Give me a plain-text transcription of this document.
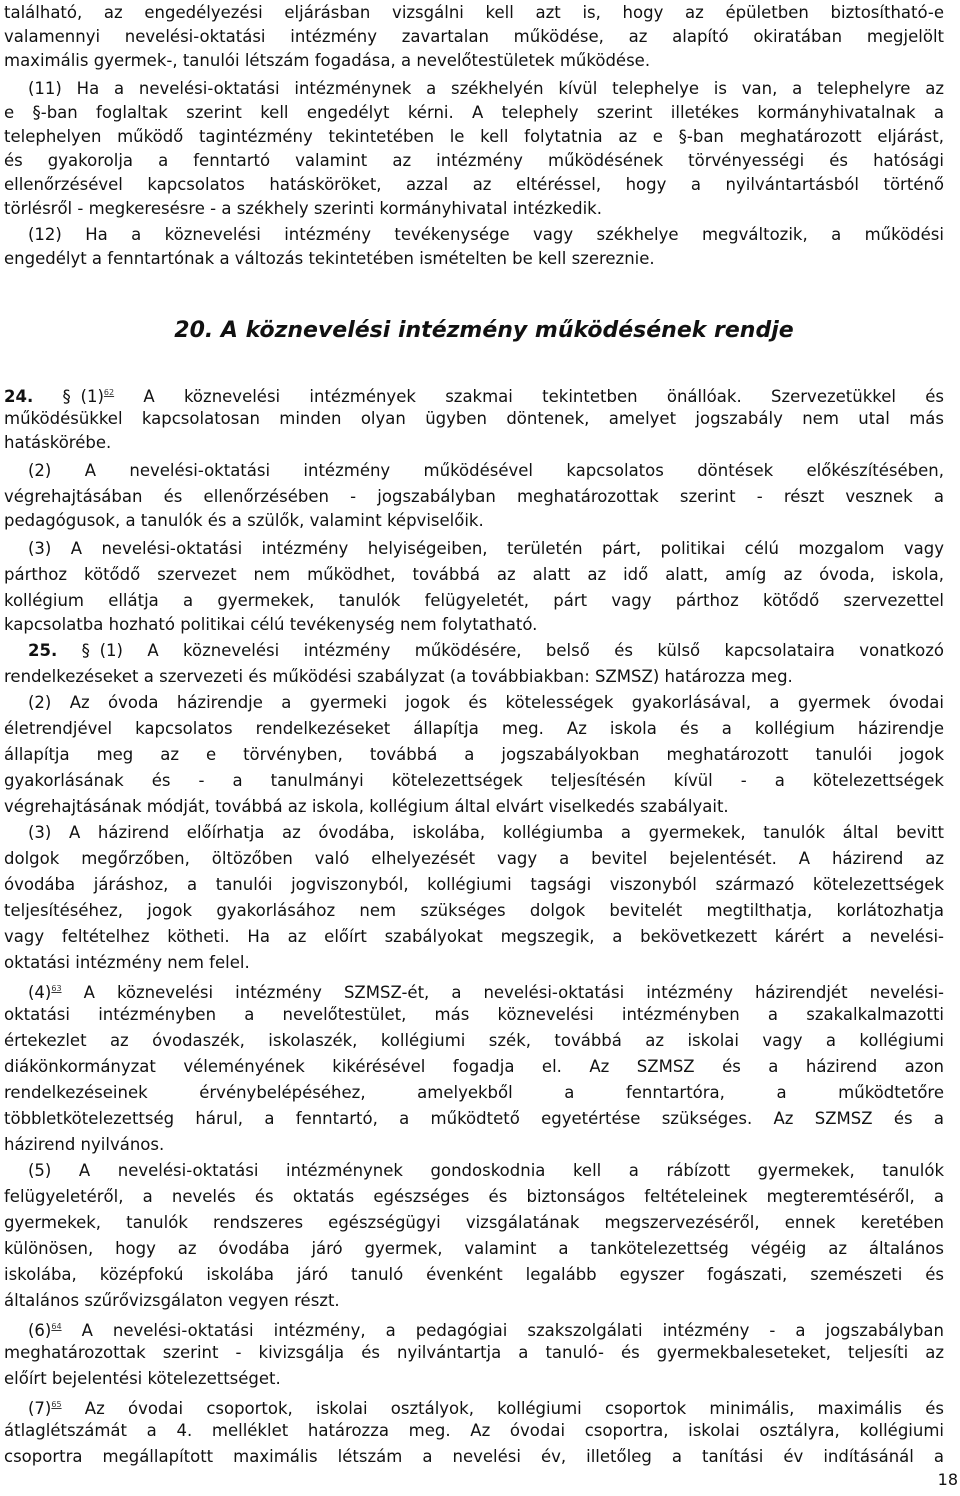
található, az engedélyezési eljárásban vizsgálni kell azt is, hogy az épületben biztosítható-e
valamennyi nevelési-oktatási intézmény zavartalan működése, az alapító okiratában megjelölt
maximális gyermek-, tanulói létszám fogadása, a nevelőtestületek működése.
(11) Ha a nevelési-oktatási intézménynek a székhelyén kívül telephelye is van, a telephelyre az
e §-ban foglaltak szerint kell engedélyt kérni. A telephely szerint illetékes kormányhivatalnak a
telephelyen működő tagintézmény tekintetében le kell folytatnia az e §-ban meghatározott eljárást,
és gyakorolja a fenntartó valamint az intézmény működésének törvényességi és hatósági
ellenőrzésével kapcsolatos hatásköröket, azzal az eltéréssel, hogy a nyilvántartásból történő
törlésről - megkeresésre - a székhely szerinti kormányhivatal intézkedik.
(12) Ha a köznevelési intézmény tevékenysége vagy székhelye megváltozik, a működési
engedélyt a fenntartónak a változás tekintetében ismételten be kell szereznie.
20. A köznevelési intézmény működésének rendje
24. § (1)$^{62}$ A köznevelési intézmények szakmai tekintetben önállóak. Szervezetükkel és
működésükkel kapcsolatosan minden olyan ügyben döntenek, amelyet jogszabály nem utal más
hatáskörébe.
(2) A nevelési-oktatási intézmény működésével kapcsolatos döntések előkészítésében,
végrehajtásában és ellenőrzésében - jogszabályban meghatározottak szerint - részt vesznek a
pedagógusok, a tanulók és a szülők, valamint képviselőik.
(3) A nevelési-oktatási intézmény helyiségeiben, területén párt, politikai célú mozgalom vagy
párthoz kötődő szervezet nem működhet, továbbá az alatt az idő alatt, amíg az óvoda, iskola,
kollégium ellátja a gyermekek, tanulók felügyeletét, párt vagy párthoz kötődő szervezettel
kapcsolatba hozható politikai célú tevékenység nem folytatható.
25. § (1) A köznevelési intézmény működésére, belső és külső kapcsolataira vonatkozó
rendelkezéseket a szervezeti és működési szabályzat (a továbbiakban: SZMSZ) határozza meg.
(2) Az óvoda házirendje a gyermeki jogok és kötelességek gyakorlásával, a gyermek óvodai
életrendjével kapcsolatos rendelkezéseket állapítja meg. Az iskola és a kollégium házirendje
állapítja meg az e törvényben, továbbá a jogszabályokban meghatározott tanulói jogok
gyakorlásának és - a tanulmányi kötelezettségek teljesítésén kívül - a kötelezettségek
végrehajtásának módját, továbbá az iskola, kollégium által elvárt viselkedés szabályait.
(3) A házirend előírhatja az óvodába, iskolába, kollégiumba a gyermekek, tanulók által bevitt
dolgok megőrzőben, öltözőben való elhelyezését vagy a bevitel bejelentését. A házirend az
óvodába járáshoz, a tanulói jogviszonyból, kollégiumi tagsági viszonyból származó kötelezettségek
teljesítéséhez, jogok gyakorlásához nem szükséges dolgok bevitelét megtilthatja, korlátozhatja
vagy feltételhez kötheti. Ha az előírt szabályokat megszegik, a bekövetkezett kárért a nevelési-
oktatási intézmény nem felel.
(4)$^{63}$ A köznevelési intézmény SZMSZ-ét, a nevelési-oktatási intézmény házirendjét nevelési-
oktatási intézményben a nevelőtestület, más köznevelési intézményben a szakalkalmazotti
értekezlet az óvodaszék, iskolaszék, kollégiumi szék, továbbá az iskolai vagy a kollégiumi
diákönkormányzat véleményének kikérésével fogadja el. Az SZMSZ és a házirend azon
rendelkezéseinek érvénybelépéséhez, amelyekből a fenntartóra, a működtetőre
többletkötelezettség hárul, a fenntartó, a működtető egyetértése szükséges. Az SZMSZ és a
házirend nyilvános.
(5) A nevelési-oktatási intézménynek gondoskodnia kell a rábízott gyermekek, tanulók
felügyeletéről, a nevelés és oktatás egészséges és biztonságos feltételeinek megteremtéséről, a
gyermekek, tanulók rendszeres egészségügyi vizsgálatának megszervezéséről, ennek keretében
különösen, hogy az óvodába járó gyermek, valamint a tankötelezettség végéig az általános
iskolába, középfokú iskolába járó tanuló évenként legalább egyszer fogászati, szemészeti és
általános szűrővizsgálaton vegyen részt.
(6)$^{64}$ A nevelési-oktatási intézmény, a pedagógiai szakszolgálati intézmény - a jogszabályban
meghatározottak szerint - kivizsgálja és nyilvántartja a tanuló- és gyermekbaleseteket, teljesíti az
előírt bejelentési kötelezettséget.
(7)$^{65}$ Az óvodai csoportok, iskolai osztályok, kollégiumi csoportok minimális, maximális és
átlaglétszámát a 4. melléklet határozza meg. Az óvodai csoportra, iskolai osztályra, kollégiumi
csoportra megállapított maximális létszám a nevelési év, illetőleg a tanítási év indításánál a
18
